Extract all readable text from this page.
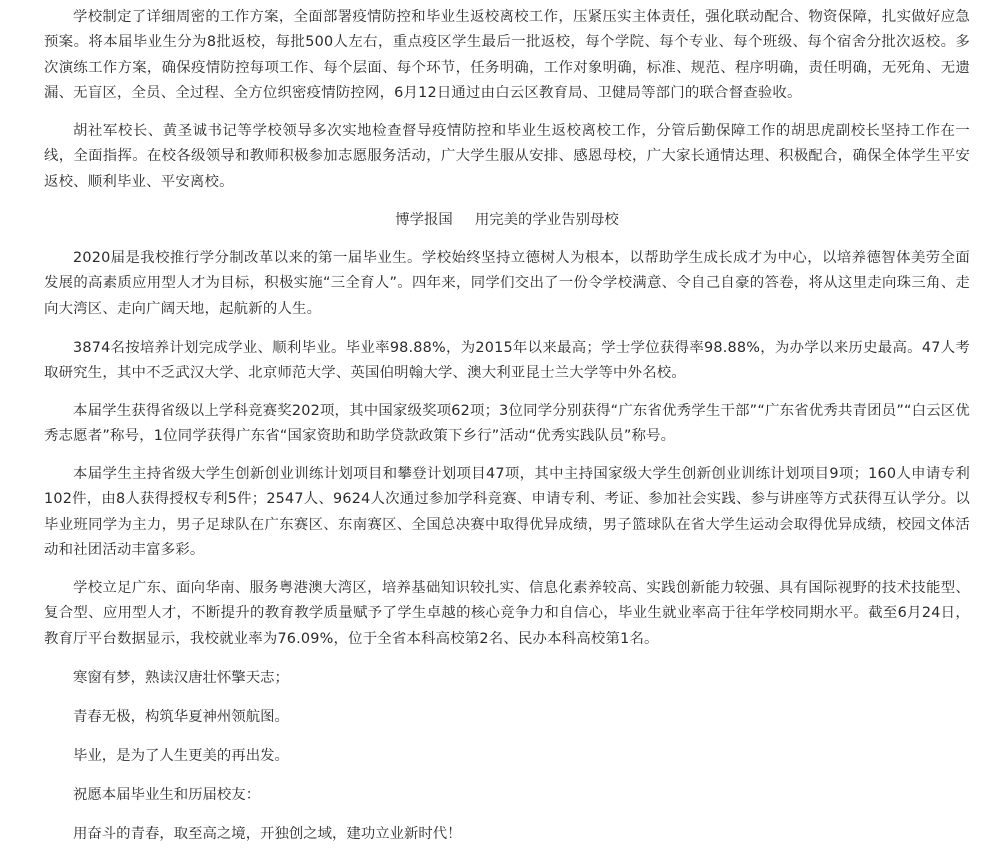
学校制定了详细周密的工作方案，全面部署疫情防控和毕业生返校离校工作，压紧压实主体责任，强化联动配合、物资保障，扎实做好应急预案。将本届毕业生分为8批返校，每批500人左右，重点疫区学生最后一批返校，每个学院、每个专业、每个班级、每个宿舍分批次返校。多次演练工作方案，确保疫情防控每项工作、每个层面、每个环节，任务明确，工作对象明确，标准、规范、程序明确，责任明确，无死角、无遗漏、无盲区，全员、全过程、全方位织密疫情防控网，6月12日通过由白云区教育局、卫健局等部门的联合督查验收。

胡社军校长、黄圣诚书记等学校领导多次实地检查督导疫情防控和毕业生返校离校工作，分管后勤保障工作的胡思虎副校长坚持工作在一线，全面指挥。在校各级领导和教师积极参加志愿服务活动，广大学生服从安排、感恩母校，广大家长通情达理、积极配合，确保全体学生平安返校、顺利毕业、平安离校。

博学报国 用完美的学业告别母校

2020届是我校推行学分制改革以来的第一届毕业生。学校始终坚持立德树人为根本，以帮助学生成长成才为中心，以培养德智体美劳全面发展的高素质应用型人才为目标，积极实施“三全育人”。四年来，同学们交出了一份令学校满意、令自己自豪的答卷，将从这里走向珠三角、走向大湾区、走向广阔天地，起航新的人生。

3874名按培养计划完成学业、顺利毕业。毕业率98.88%，为2015年以来最高；学士学位获得率98.88%，为办学以来历史最高。47人考取研究生，其中不乏武汉大学、北京师范大学、英国伯明翰大学、澳大利亚昆士兰大学等中外名校。

本届学生获得省级以上学科竞赛奖202项，其中国家级奖项62项；3位同学分别获得“广东省优秀学生干部”“广东省优秀共青团员”“白云区优秀志愿者”称号，1位同学获得广东省“国家资助和助学贷款政策下乡行”活动“优秀实践队员”称号。

本届学生主持省级大学生创新创业训练计划项目和攀登计划项目47项，其中主持国家级大学生创新创业训练计划项目9项；160人申请专利102件，由8人获得授权专利5件；2547人、9624人次通过参加学科竞赛、申请专利、考证、参加社会实践、参与讲座等方式获得互认学分。以毕业班同学为主力，男子足球队在广东赛区、东南赛区、全国总决赛中取得优异成绩，男子篮球队在省大学生运动会取得优异成绩，校园文体活动和社团活动丰富多彩。

学校立足广东、面向华南、服务粤港澳大湾区，培养基础知识较扎实、信息化素养较高、实践创新能力较强、具有国际视野的技术技能型、复合型、应用型人才，不断提升的教育教学质量赋予了学生卓越的核心竞争力和自信心，毕业生就业率高于往年学校同期水平。截至6月24日，教育厅平台数据显示，我校就业率为76.09%，位于全省本科高校第2名、民办本科高校第1名。

寒窗有梦，熟读汉唐壮怀擎天志；

青春无极，构筑华夏神州领航图。

毕业，是为了人生更美的再出发。

祝愿本届毕业生和历届校友：

用奋斗的青春，取至高之境，开独创之域，建功立业新时代！
